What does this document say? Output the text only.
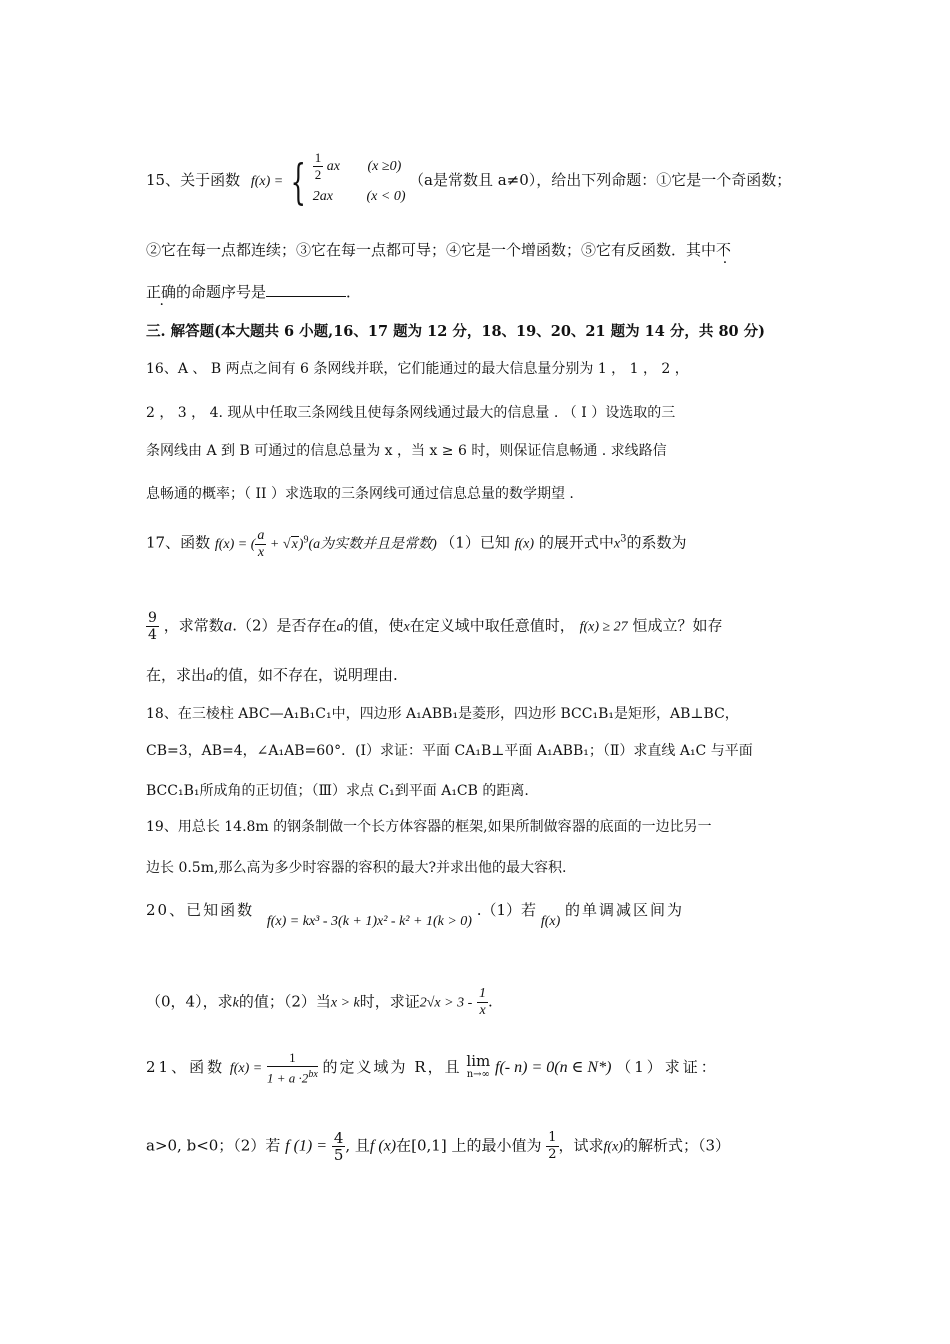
15、关于函数 f(x) = { $\frac{1}{2}$ ax (x ≥0)
2ax (x < 0)
（a是常数且 a≠0），给出下列命题：①它是一个奇函数；
②它在每一点都连续；③它在每一点都可导；④它是一个增函数；⑤它有反函数．其中不
正确的命题序号是	．
三. 解答题(本大题共 6 小题,16、17 题为 12 分，18、19、20、21 题为 14 分，共 80 分)
16、A 、 B 两点之间有 6 条网线并联，它们能通过的最大信息量分别为 1 ， 1 ， 2 ，
2 ， 3 ， 4. 现从中任取三条网线且使每条网线通过最大的信息量 . （ I ）设选取的三
条网线由 A 到 B 可通过的信息总量为 x ，当 x ≥ 6 时，则保证信息畅通 . 求线路信
息畅通的概率；（ II ）求选取的三条网线可通过信息总量的数学期望 .
17、函数 f(x) = ( $\frac{a}{x} + √x)^9(a$为实数并且是常数) （1）已知 f(x) 的展开式中$x^3$的系数为
$\frac{9}{4}$ ，求常数a.（2）是否存在a的值，使x在定义域中取任意值时， f(x) ≥ 27 恒成立？如存
在，求出a的值，如不存在，说明理由.
18、在三棱柱 ABC—A₁B₁C₁中，四边形 A₁ABB₁是菱形，四边形 BCC₁B₁是矩形，AB⊥BC，
CB=3，AB=4，∠A₁AB=60°．(Ⅰ）求证：平面 CA₁B⊥平面 A₁ABB₁；（Ⅱ）求直线 A₁C 与平面
BCC₁B₁所成角的正切值；（Ⅲ）求点 C₁到平面 A₁CB 的距离.
19、用总长 14.8m 的钢条制做一个长方体容器的框架,如果所制做容器的底面的一边比另一
边长 0.5m,那么高为多少时容器的容积的最大?并求出他的最大容积.
20、已知函数 f(x) = kx³ - 3(k + 1)x² - k² + 1(k > 0) .（1）若 f(x) 的单调减区间为
（0，4），求k的值；（2）当x > k时，求证$2√x > 3 - \frac{1}{x}$ .
21、函数 $f(x) = \frac{1}{1 + a \cdot 2^{bx}}$ 的定义域为 R，且 lim
n→∞ f(- n) = 0(n ∈ N*) （1）求证：
a>0, b<0；（2）若 f $(1) = \frac{4}{5}$ , 且f (x)在[0,1] 上的最小值为 $\frac{1}{2}$ ，试求f(x)的解析式；（3）
